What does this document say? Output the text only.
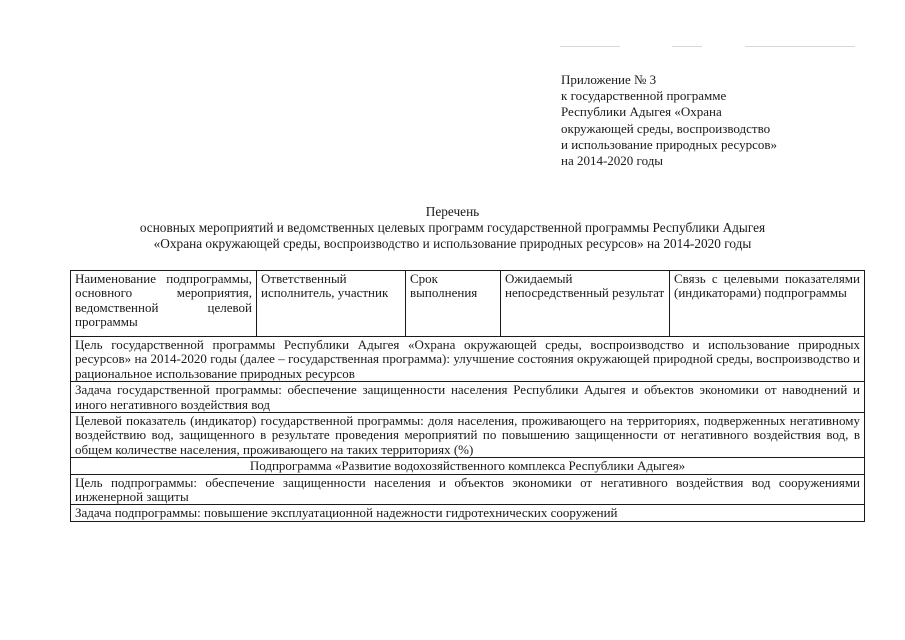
Приложение № 3
к государственной программе
Республики Адыгея «Охрана
окружающей среды, воспроизводство
и использование природных ресурсов»
на 2014-2020 годы
Перечень
основных мероприятий и ведомственных целевых программ государственной программы Республики Адыгея
«Охрана окружающей среды, воспроизводство и использование природных ресурсов» на 2014-2020 годы
Наименование подпрограммы, основного мероприятия, ведомственной целевой программы	Ответственный исполнитель, участник	Срок выполнения	Ожидаемый непосредственный результат	Связь с целевыми показателями (индикаторами) подпрограммы
Цель государственной программы Республики Адыгея «Охрана окружающей среды, воспроизводство и использование природных ресурсов» на 2014-2020 годы (далее – государственная программа): улучшение состояния окружающей природной среды, воспроизводство и рациональное использование природных ресурсов
Задача государственной программы: обеспечение защищенности населения Республики Адыгея и объектов экономики от наводнений и иного негативного воздействия вод
Целевой показатель (индикатор) государственной программы: доля населения, проживающего на территориях, подверженных негативному воздействию вод, защищенного в результате проведения мероприятий по повышению защищенности от негативного воздействия вод, в общем количестве населения, проживающего на таких территориях (%)
Подпрограмма «Развитие водохозяйственного комплекса Республики Адыгея»
Цель подпрограммы: обеспечение защищенности населения и объектов экономики от негативного воздействия вод сооружениями инженерной защиты
Задача подпрограммы: повышение эксплуатационной надежности гидротехнических сооружений
